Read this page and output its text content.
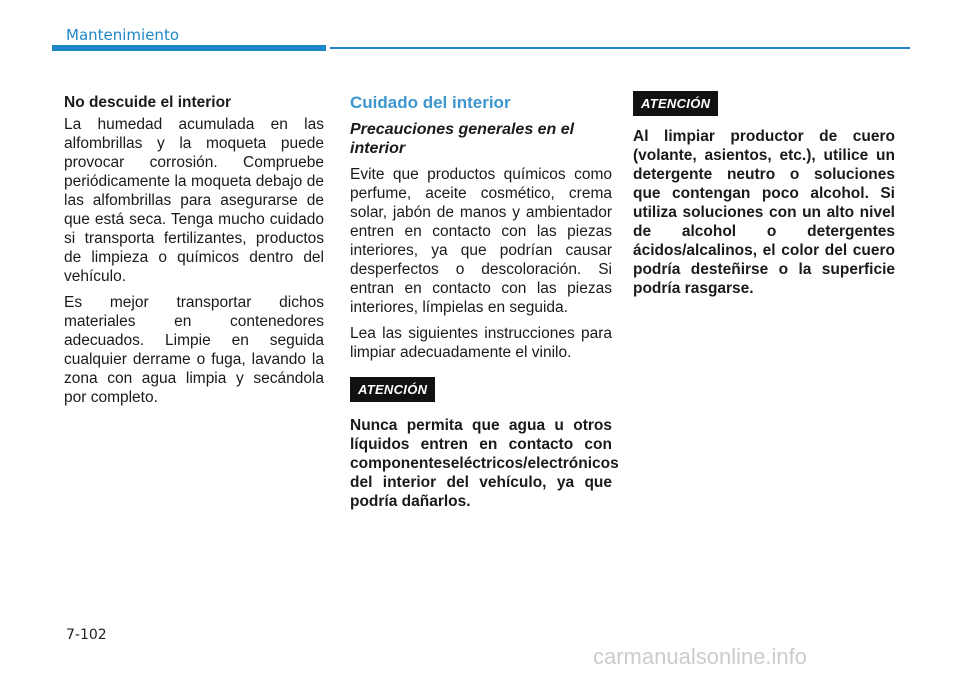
Mantenimiento

No descuide el interior

La humedad acumulada en las alfombrillas y la moqueta puede provocar corrosión. Compruebe periódicamente la moqueta debajo de las alfombrillas para asegurarse de que está seca. Tenga mucho cuidado si transporta fertilizantes, productos de limpieza o químicos dentro del vehículo.

Es mejor transportar dichos materiales en contenedores adecuados. Limpie en seguida cualquier derrame o fuga, lavando la zona con agua limpia y secándola por completo.

Cuidado del interior

Precauciones generales en el interior

Evite que productos químicos como perfume, aceite cosmético, crema solar, jabón de manos y ambientador entren en contacto con las piezas interiores, ya que podrían causar desperfectos o descoloración. Si entran en contacto con las piezas interiores, límpielas en seguida.

Lea las siguientes instrucciones para limpiar adecuadamente el vinilo.

ATENCIÓN

Nunca permita que agua u otros líquidos entren en contacto con componenteseléctricos/electrónicos del interior del vehículo, ya que podría dañarlos.

ATENCIÓN

Al limpiar productor de cuero (volante, asientos, etc.), utilice un detergente neutro o soluciones que contengan poco alcohol. Si utiliza soluciones con un alto nivel de alcohol o detergentes ácidos/alcalinos, el color del cuero podría desteñirse o la superficie podría rasgarse.

7-102
carmanualsonline.info
